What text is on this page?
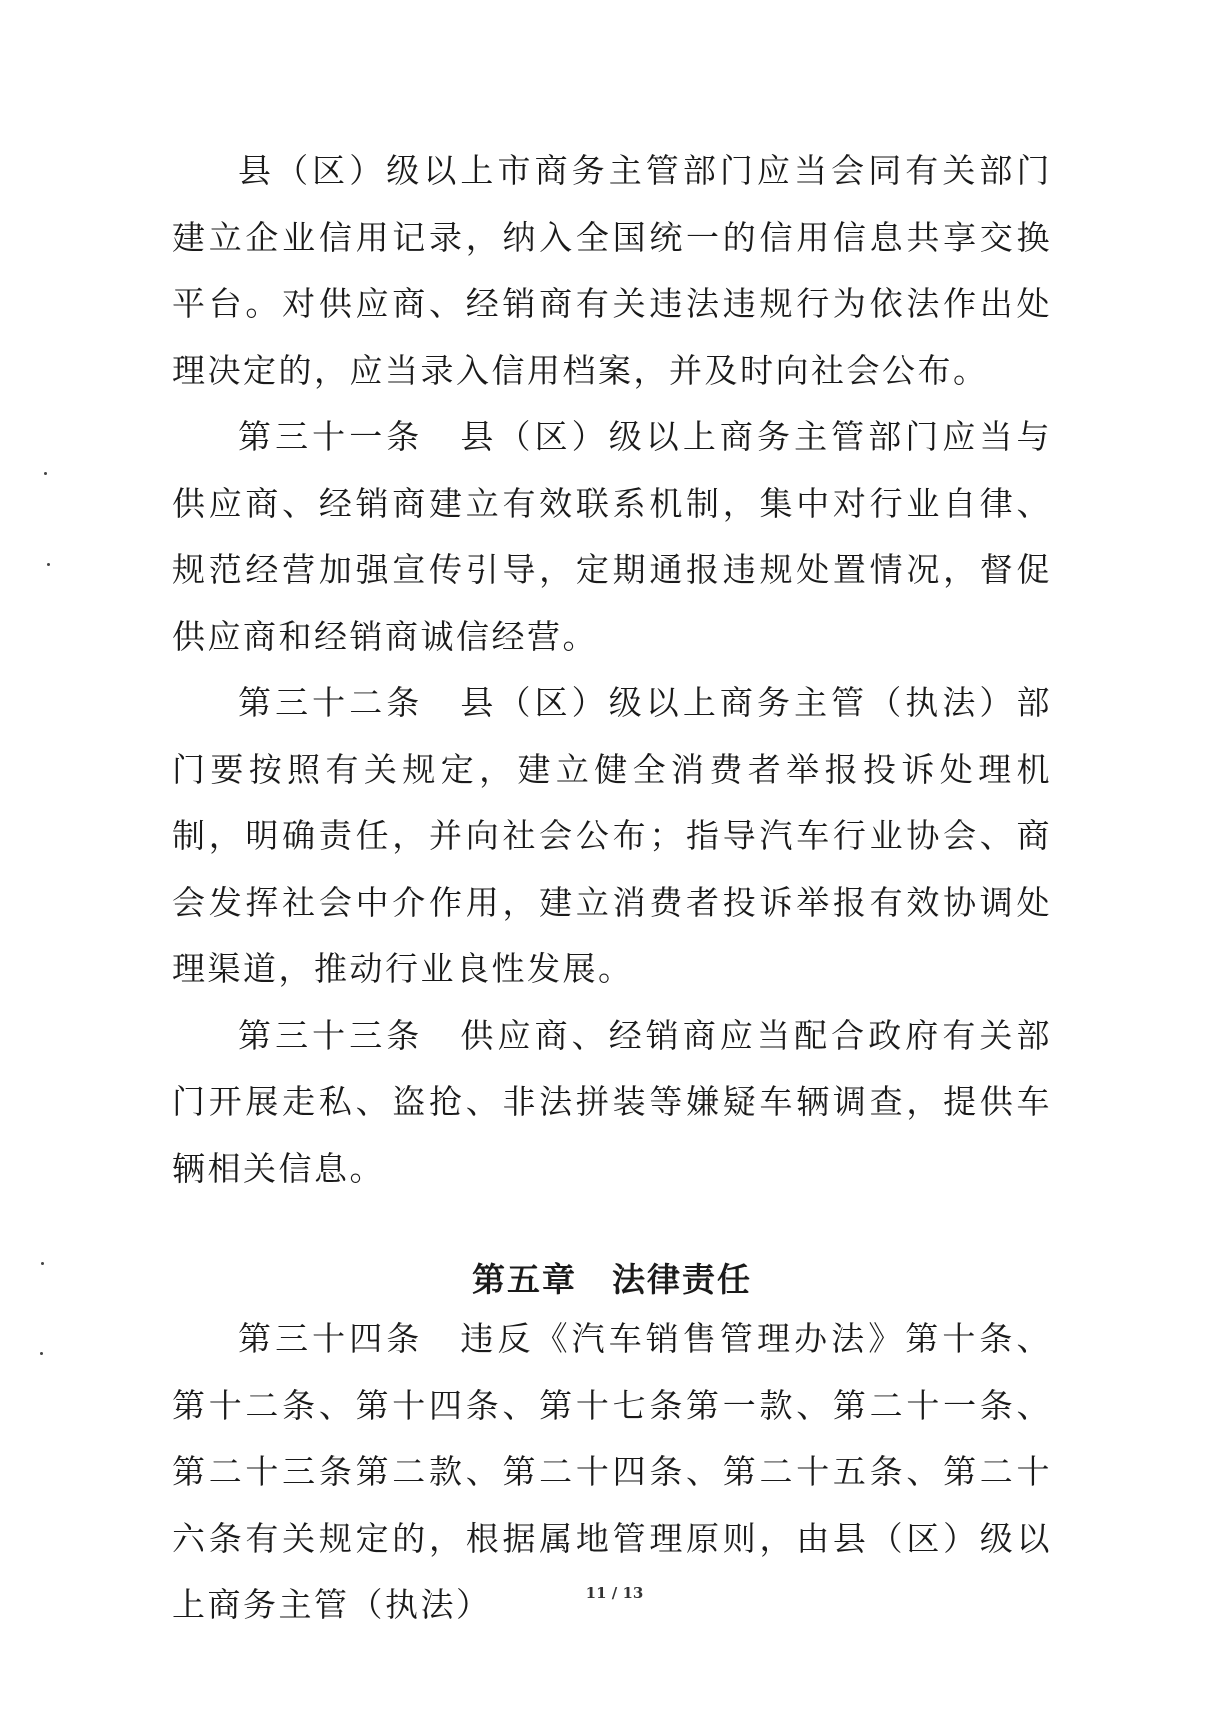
县（区）级以上市商务主管部门应当会同有关部门建立企业信用记录，纳入全国统一的信用信息共享交换平台。对供应商、经销商有关违法违规行为依法作出处理决定的，应当录入信用档案，并及时向社会公布。

第三十一条　县（区）级以上商务主管部门应当与供应商、经销商建立有效联系机制，集中对行业自律、规范经营加强宣传引导，定期通报违规处置情况，督促供应商和经销商诚信经营。

第三十二条　县（区）级以上商务主管（执法）部门要按照有关规定，建立健全消费者举报投诉处理机制，明确责任，并向社会公布；指导汽车行业协会、商会发挥社会中介作用，建立消费者投诉举报有效协调处理渠道，推动行业良性发展。

第三十三条　供应商、经销商应当配合政府有关部门开展走私、盗抢、非法拼装等嫌疑车辆调查，提供车辆相关信息。

第五章　法律责任

第三十四条　违反《汽车销售管理办法》第十条、第十二条、第十四条、第十七条第一款、第二十一条、第二十三条第二款、第二十四条、第二十五条、第二十六条有关规定的，根据属地管理原则，由县（区）级以上商务主管（执法）	11 / 13
